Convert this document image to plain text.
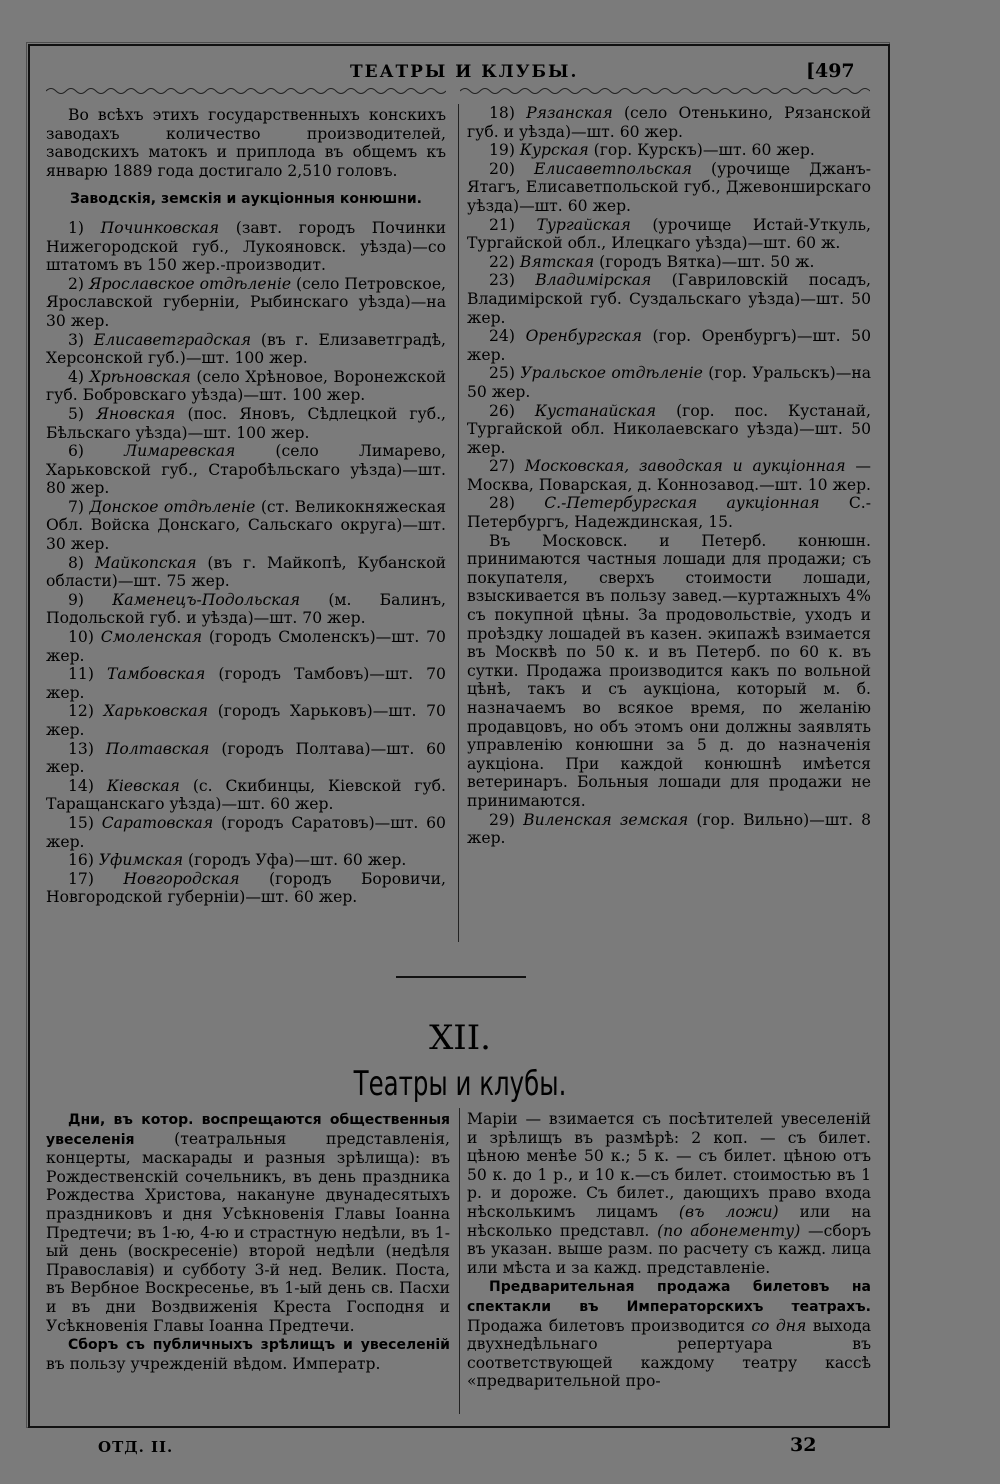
ТЕАТРЫ И КЛУБЫ.	[497

Во всѣхъ этихъ государственныхъ конскихъ заводахъ количество производителей, заводскихъ матокъ и приплода въ общемъ къ январю 1889 года достигало 2,510 головъ.

Заводскія, земскія и аукціонныя конюшни.

1) Починковская (завт. городъ Починки Нижегородской губ., Лукояновск. уѣзда)—со штатомъ въ 150 жер.-производит.

2) Ярославское отдѣленіе (село Петровское, Ярославской губерніи, Рыбинскаго уѣзда)—на 30 жер.

3) Елисаветградская (въ г. Елизаветградѣ, Херсонской губ.)—шт. 100 жер.

4) Хрѣновская (село Хрѣновое, Воронежской губ. Бобровскаго уѣзда)—шт. 100 жер.

5) Яновская (пос. Яновъ, Сѣдлецкой губ., Бѣльскаго уѣзда)—шт. 100 жер.

6)	Лимаревская	(село Лимарево, Харьковской губ., Старобѣльскаго уѣзда)—шт. 80 жер.

7) Донское отдѣленіе (ст. Великокняжеская Обл. Войска Донскаго, Сальскаго округа)—шт. 30 жер.

8) Майкопская (въ г. Майкопѣ, Кубанской области)—шт. 75 жер.

9) Каменецъ-Подольская (м. Балинъ, Подольской губ. и уѣзда)—шт. 70 жер.

10) Смоленская (городъ Смоленскъ)—шт. 70 жер.

11) Тамбовская (городъ Тамбовъ)—шт. 70 жер.

12) Харьковская (городъ Харьковъ)—шт. 70 жер.

13) Полтавская (городъ Полтава)—шт. 60 жер.

14) Кіевская (с. Скибинцы, Кіевской губ. Таращанскаго уѣзда)—шт. 60 жер.

15) Саратовская (городъ Саратовъ)—шт. 60 жер.

16) Уфимская (городъ Уфа)—шт. 60 жер.

17) Новгородская (городъ Боровичи, Новгородской губерніи)—шт. 60 жер.

18) Рязанская (село Отенькино, Рязанской губ. и уѣзда)—шт. 60 жер.

19) Курская (гор. Курскъ)—шт. 60 жер.

20) Елисаветпольская (урочище Джанъ-Ятагъ, Елисаветпольской губ., Джевонширскаго уѣзда)—шт. 60 жер.

21) Тургайская (урочище Истай-Уткуль, Тургайской обл., Илецкаго уѣзда)—шт. 60 ж.

22) Вятская (городъ Вятка)—шт. 50 ж.

23) Владимірская (Гавриловскій посадъ, Владимірской губ. Суздальскаго уѣзда)—шт. 50 жер.

24) Оренбургская (гор. Оренбургъ)—шт. 50 жер.

25) Уральское отдѣленіе (гор. Уральскъ)—на 50 жер.

26) Кустанайская (гор. пос. Кустанай, Тургайской обл. Николаевскаго уѣзда)—шт. 50 жер.

27) Московская, заводская и аукціонная —Москва, Поварская, д. Коннозавод.—шт. 10 жер.

28) С.-Петербургская аукціонная С.-Петербургъ, Надеждинская, 15.

Въ Московск. и Петерб. конюшн. принимаются частныя лошади для продажи; съ покупателя, сверхъ стоимости лошади, взыскивается въ пользу завед.—куртажныхъ 4% съ покупной цѣны. За продовольствіе, уходъ и проѣздку лошадей въ казен. экипажѣ взимается въ Москвѣ по 50 к. и въ Петерб. по 60 к. въ сутки. Продажа производится какъ по вольной цѣнѣ, такъ и съ аукціона, который м. б. назначаемъ во всякое время, по желанію продавцовъ, но объ этомъ они должны заявлять управленію конюшни за 5 д. до назначенія аукціона. При каждой конюшнѣ имѣется ветеринаръ. Больныя лошади для продажи не принимаются.

29) Виленская земская (гор. Вильно)—шт. 8 жер.

XII.
Театры и клубы.

Дни, въ котор. воспрещаются общественныя увеселенія (театральныя представленія, концерты, маскарады и разныя зрѣлища): въ Рождественскій сочельникъ, въ день праздника Рождества Христова, накануне двунадесятыхъ праздниковъ и дня Усѣкновенія Главы Іоанна Предтечи; въ 1-ю, 4-ю и страстную недѣли, въ 1-ый день (воскресеніе) второй недѣли (недѣля Православія) и субботу 3-й нед. Велик. Поста, въ Вербное Воскресенье, въ 1-ый день св. Пасхи и въ дни Воздвиженія Креста Господня и Усѣкновенія Главы Іоанна Предтечи.

Сборъ съ публичныхъ зрѣлищъ и увеселеній въ пользу учрежденій вѣдом. Императр.

Маріи — взимается съ посѣтителей увеселеній и зрѣлищъ въ размѣрѣ: 2 коп. — съ билет. цѣною менѣе 50 к.; 5 к. — съ билет. цѣною отъ 50 к. до 1 р., и 10 к.—съ билет. стоимостью въ 1 р. и дороже. Съ билет., дающихъ право входа нѣсколькимъ лицамъ (въ ложи) или на нѣсколько представл. (по абонементу) —сборъ въ указан. выше разм. по расчету съ кажд. лица или мѣста и за кажд. представленіе.

Предварительная продажа билетовъ на спектакли въ Императорскихъ театрахъ. Продажа билетовъ производится со дня выхода двухнедѣльнаго репертуара въ соответствующей каждому театру кассѣ «предварительной про-

ОТД. II.	32
